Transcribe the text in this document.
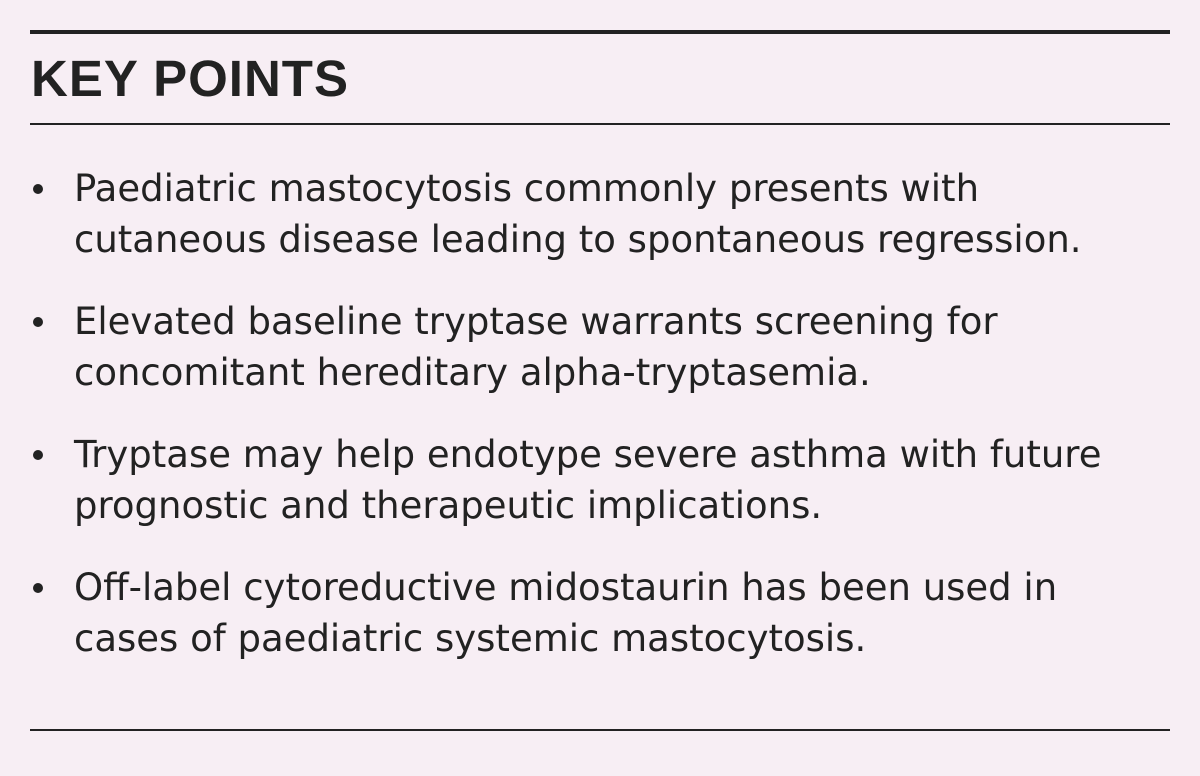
KEY POINTS
Paediatric mastocytosis commonly presents with
cutaneous disease leading to spontaneous regression.
Elevated baseline tryptase warrants screening for
concomitant hereditary alpha-tryptasemia.
Tryptase may help endotype severe asthma with future
prognostic and therapeutic implications.
Off-label cytoreductive midostaurin has been used in
cases of paediatric systemic mastocytosis.
